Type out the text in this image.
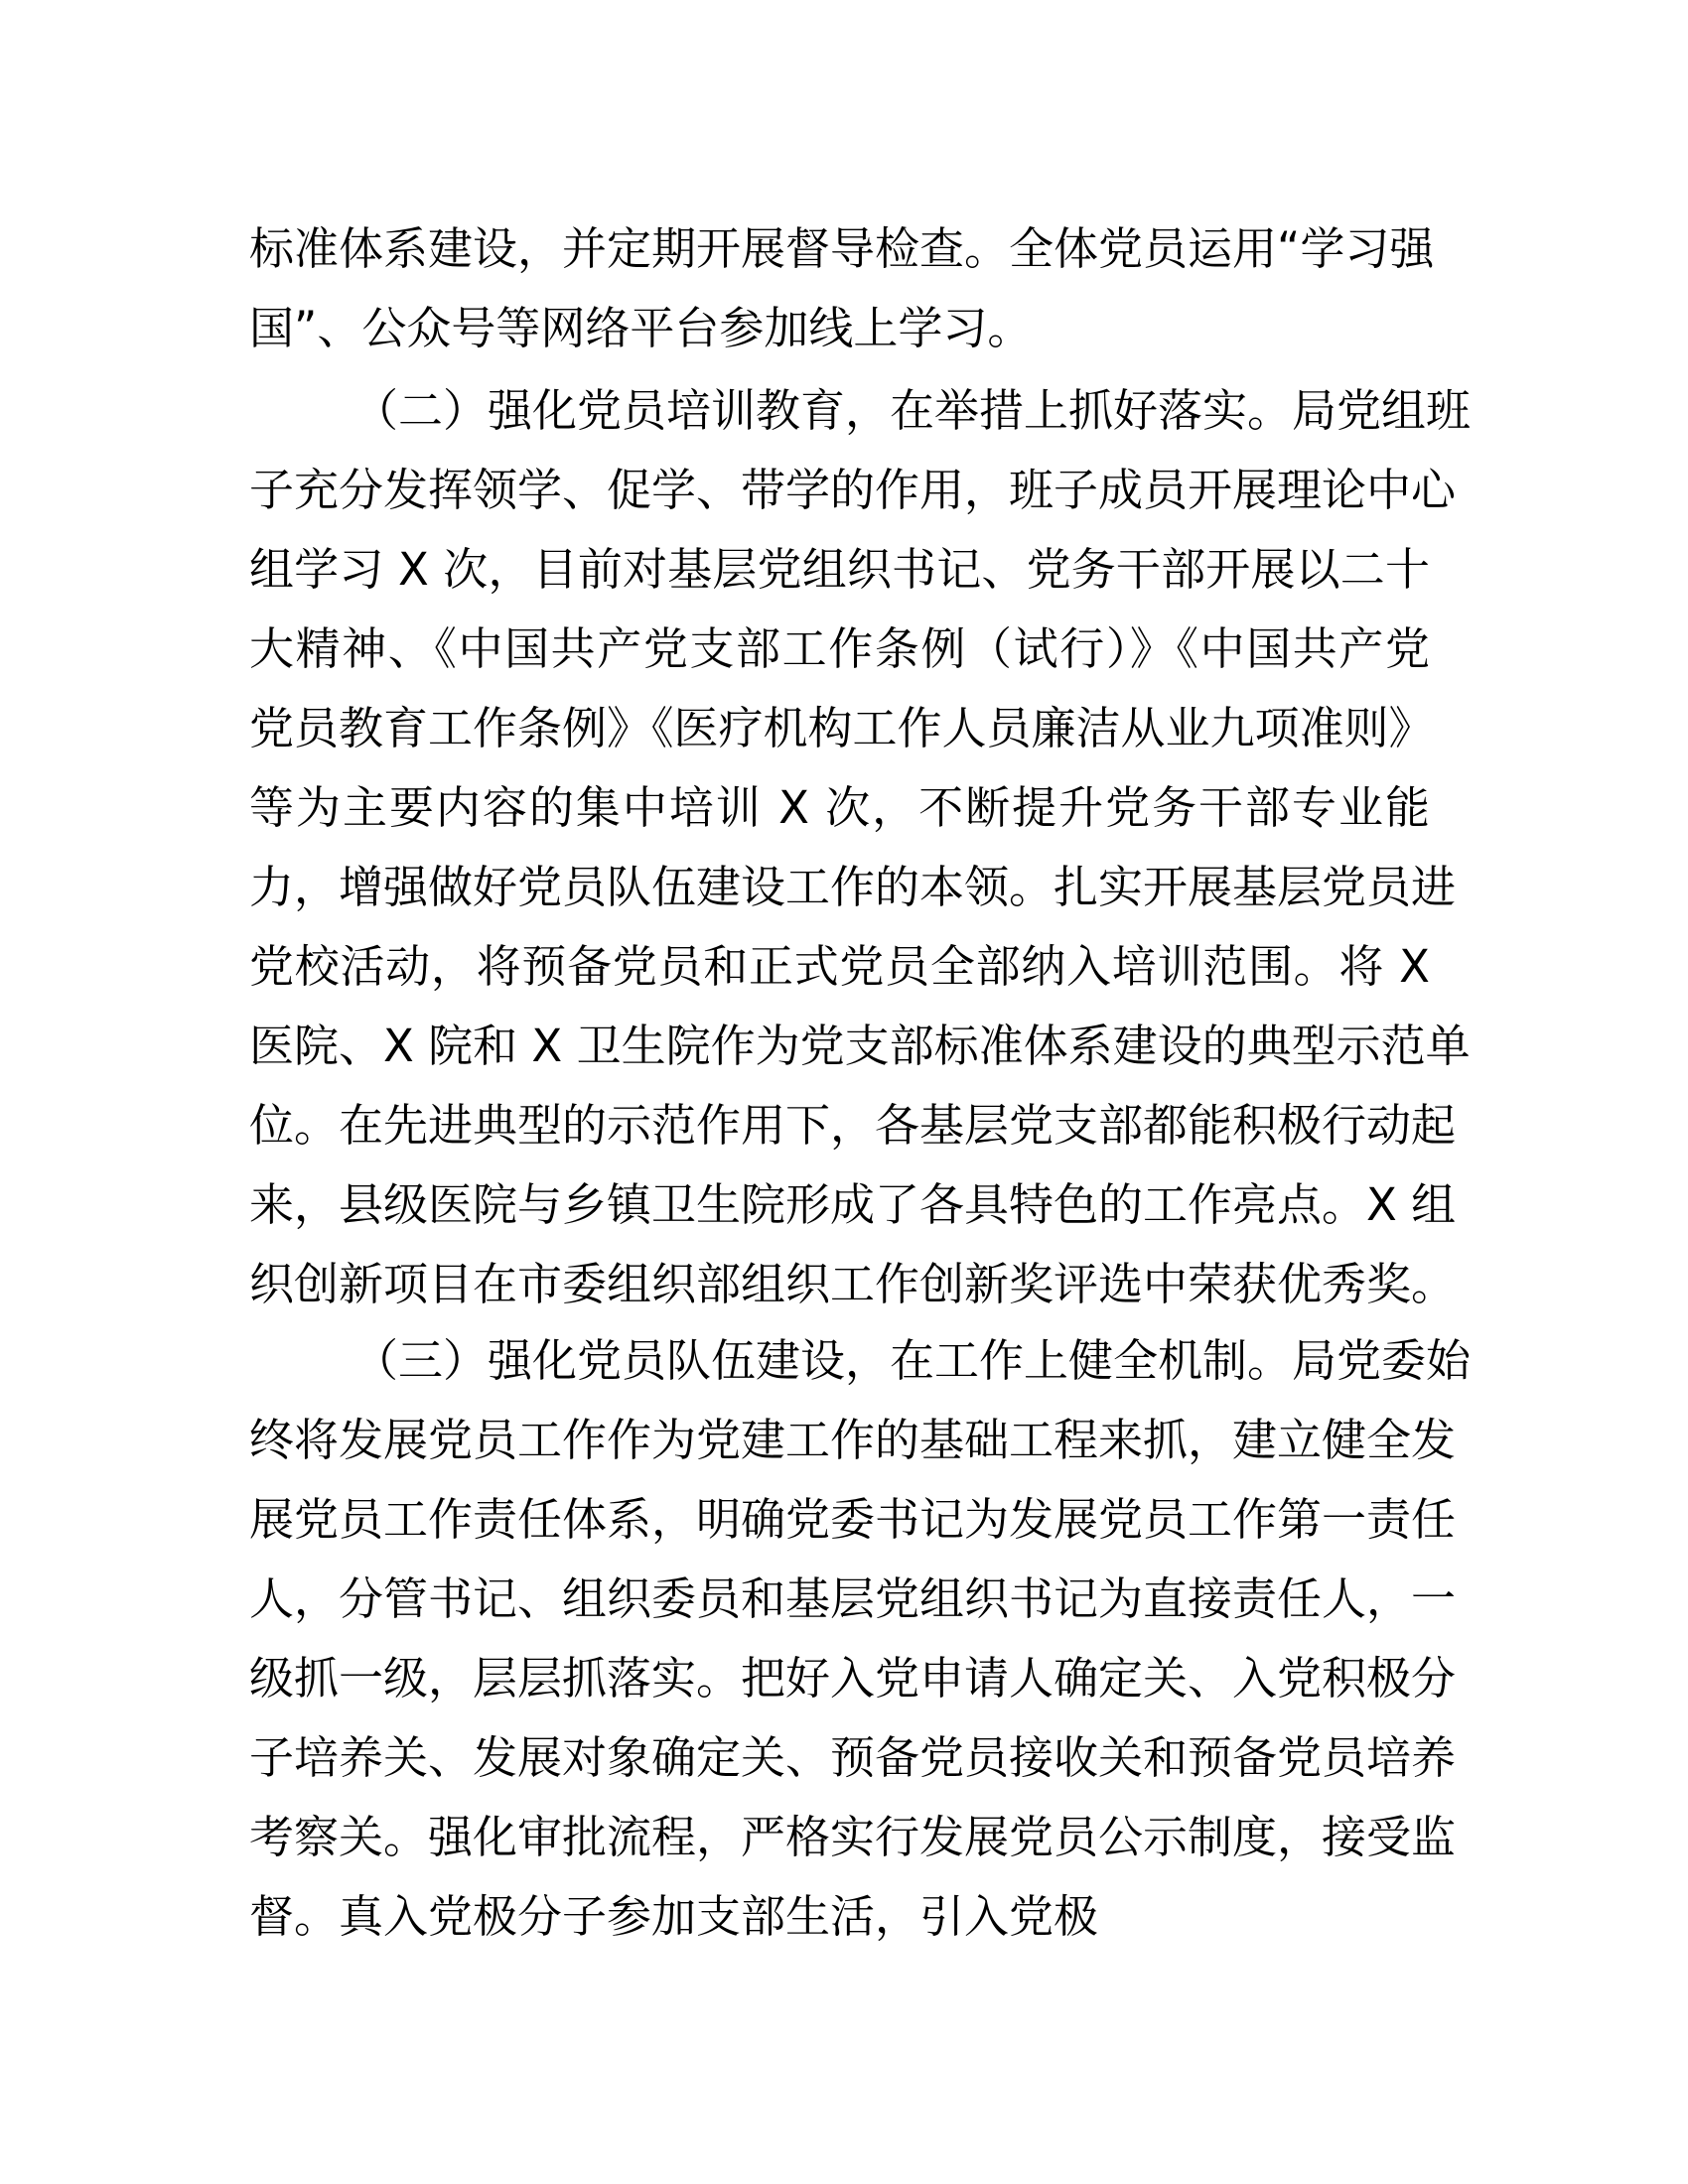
标准体系建设，并定期开展督导检查。全体党员运用“学习强
国”、公众号等网络平台参加线上学习。
（二）强化党员培训教育，在举措上抓好落实。局党组班
子充分发挥领学、促学、带学的作用，班子成员开展理论中心
组学习 X 次，目前对基层党组织书记、党务干部开展以二十
大精神、《中国共产党支部工作条例（试行）》《中国共产党
党员教育工作条例》《医疗机构工作人员廉洁从业九项准则》
等为主要内容的集中培训 X 次，不断提升党务干部专业能
力，增强做好党员队伍建设工作的本领。扎实开展基层党员进
党校活动，将预备党员和正式党员全部纳入培训范围。将 X
医院、X 院和 X 卫生院作为党支部标准体系建设的典型示范单
位。在先进典型的示范作用下，各基层党支部都能积极行动起
来，县级医院与乡镇卫生院形成了各具特色的工作亮点。X 组
织创新项目在市委组织部组织工作创新奖评选中荣获优秀奖。
（三）强化党员队伍建设，在工作上健全机制。局党委始
终将发展党员工作作为党建工作的基础工程来抓，建立健全发
展党员工作责任体系，明确党委书记为发展党员工作第一责任
人，分管书记、组织委员和基层党组织书记为直接责任人，一
级抓一级，层层抓落实。把好入党申请人确定关、入党积极分
子培养关、发展对象确定关、预备党员接收关和预备党员培养
考察关。强化审批流程，严格实行发展党员公示制度，接受监
督。真入党极分子参加支部生活，引入党极
